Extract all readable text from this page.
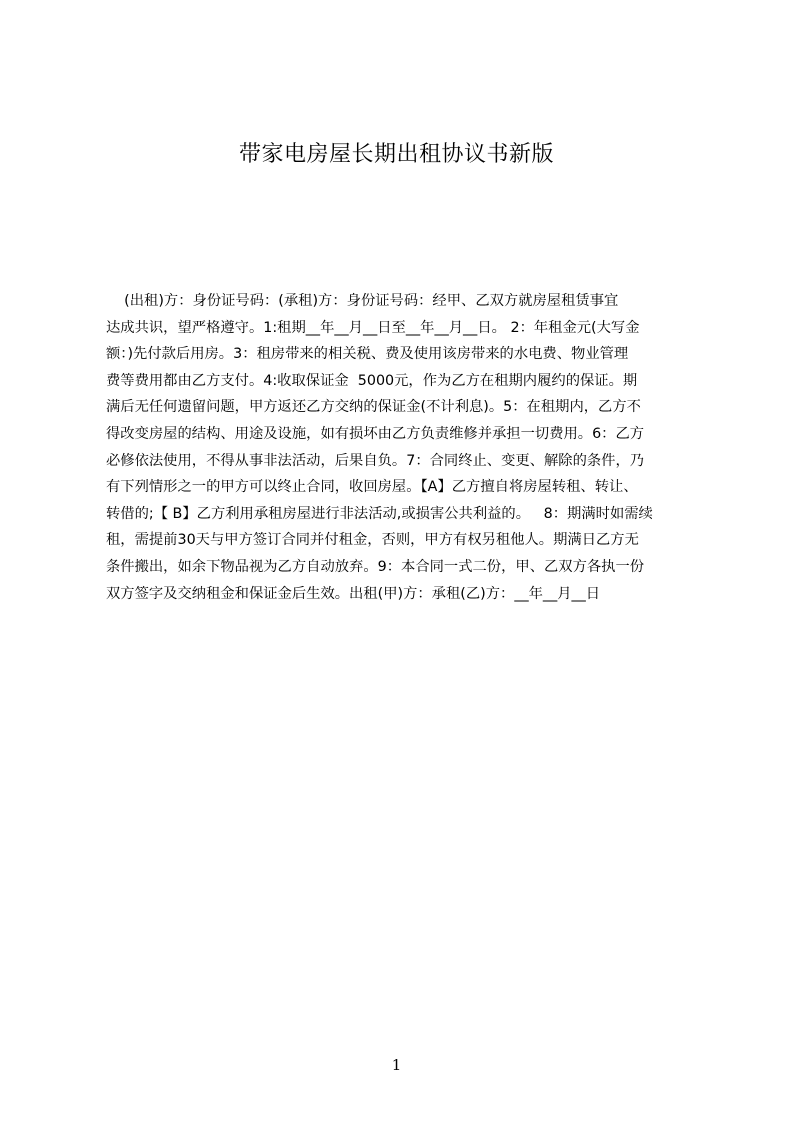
带家电房屋长期出租协议书新版
(出租)方：身份证号码：(承租)方：身份证号码：经甲、乙双方就房屋租赁事宜
达成共识，望严格遵守。1:租期__年__月__日至__年__月__日。 2：年租金元(大写金
额：)先付款后用房。3：租房带来的相关税、费及使用该房带来的水电费、物业管理
费等费用都由乙方支付。4:收取保证金  5000元，作为乙方在租期内履约的保证。期
满后无任何遗留问题，甲方返还乙方交纳的保证金(不计利息)。5：在租期内，乙方不
得改变房屋的结构、用途及设施，如有损坏由乙方负责维修并承担一切费用。6：乙方
必修依法使用，不得从事非法活动，后果自负。7：合同终止、变更、解除的条件，乃
有下列情形之一的甲方可以终止合同，收回房屋。【A】乙方擅自将房屋转租、转让、
转借的;【 B】乙方利用承租房屋进行非法活动,或损害公共利益的。   8：期满时如需续
租，需提前30天与甲方签订合同并付租金，否则，甲方有权另租他人。期满日乙方无
条件搬出，如余下物品视为乙方自动放弃。9：本合同一式二份，甲、乙双方各执一份
双方签字及交纳租金和保证金后生效。出租(甲)方：承租(乙)方：__年__月__日
1
